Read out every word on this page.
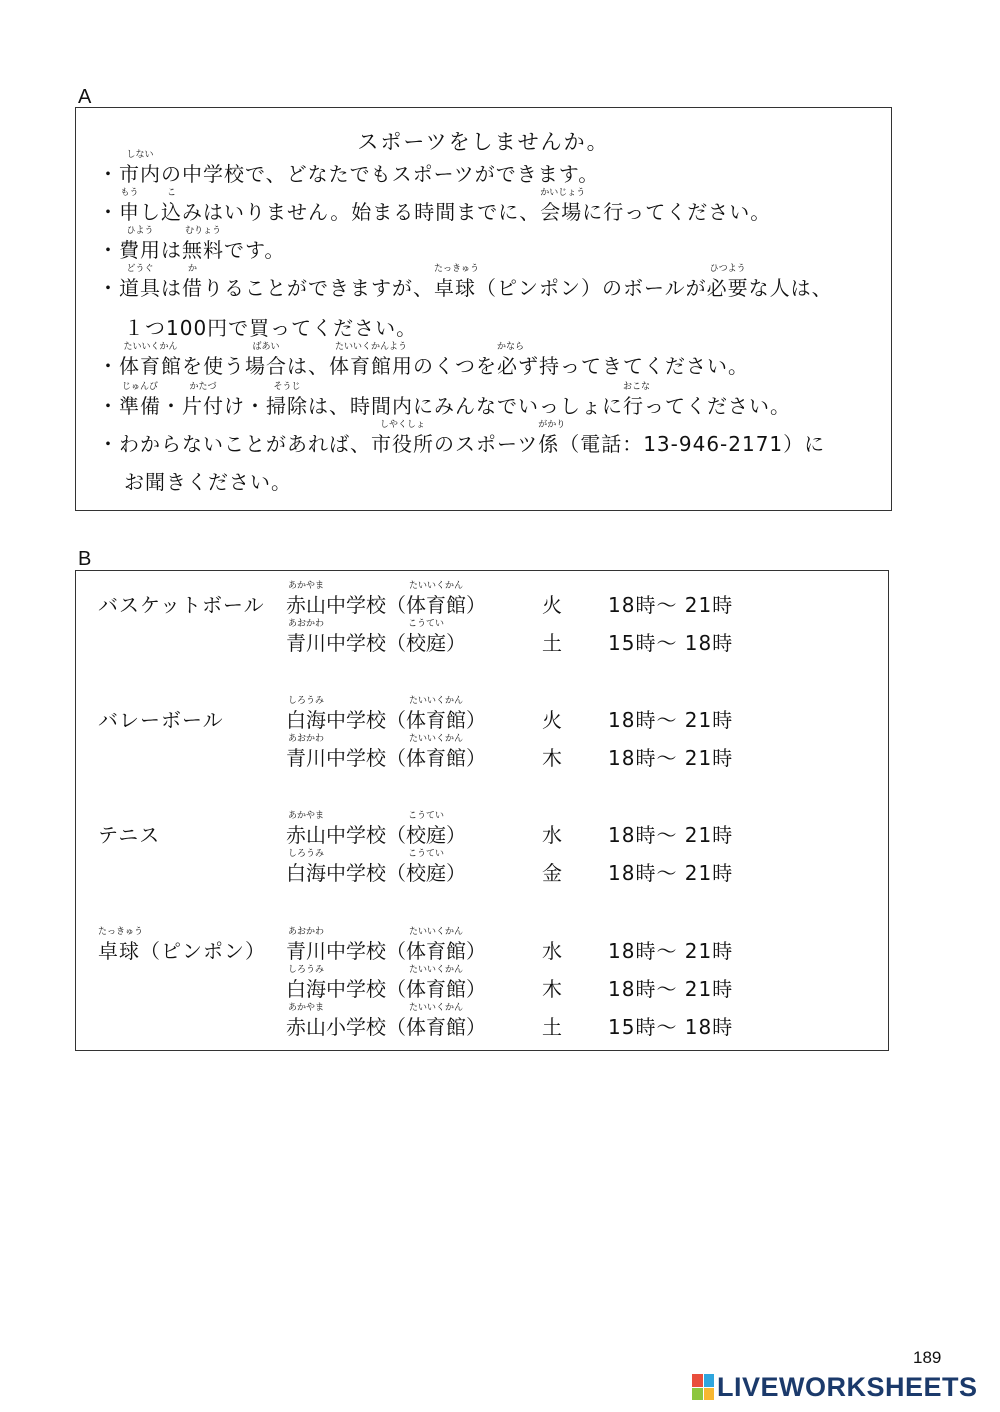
A
スポーツをしませんか。
・市内
しない
の中学校で、どなたでもスポーツができます。
・申
もう
し込
こ
みはいりません。始まる時間までに、会場
かいじょう
に行ってください。
・費用
ひよう
は無料
むりょう
です。
・道具
どうぐ
は借
か
りることができますが、卓球
たっきゅう
（ピンポン）のボールが必要
ひつよう
な人は、
１つ100円で買ってください。
・体育館
たいいくかん
を使う場合
ばあい
は、体育館用
たいいくかんよう
のくつを必
かなら
ず持ってきてください。
・準備
じゅんび
・片付
かたづ
け・掃除
そうじ
は、時間内にみんなでいっしょに行
おこな
ってください。
・わからないことがあれば、市役所
しやくしょ
のスポーツ係
がかり
（電話：13-946-2171）に
お聞きください。
B
バスケットボール 赤山
あかやま
中学校（体育館
たいいくかん
）	火 18時～ 21時
青川
あおかわ
中学校（校庭
こうてい
）	土 15時～ 18時
バレーボール	白海
しろうみ
中学校（体育館
たいいくかん
）	火 18時～ 21時
青川
あおかわ
中学校（体育館
たいいくかん
）	木 18時～ 21時
テニス	赤山
あかやま
中学校（校庭
こうてい
）	水 18時～ 21時
白海
しろうみ
中学校（校庭
こうてい
）	金 18時～ 21時
卓球
たっきゅう
（ピンポン） 青川
あおかわ
中学校（体育館
たいいくかん
）	水 18時～ 21時
白海
しろうみ
中学校（体育館
たいいくかん
）	木 18時～ 21時
赤山
あかやま
小学校（体育館
たいいくかん
）	土 15時～ 18時
189
LIVEWORKSHEETS
